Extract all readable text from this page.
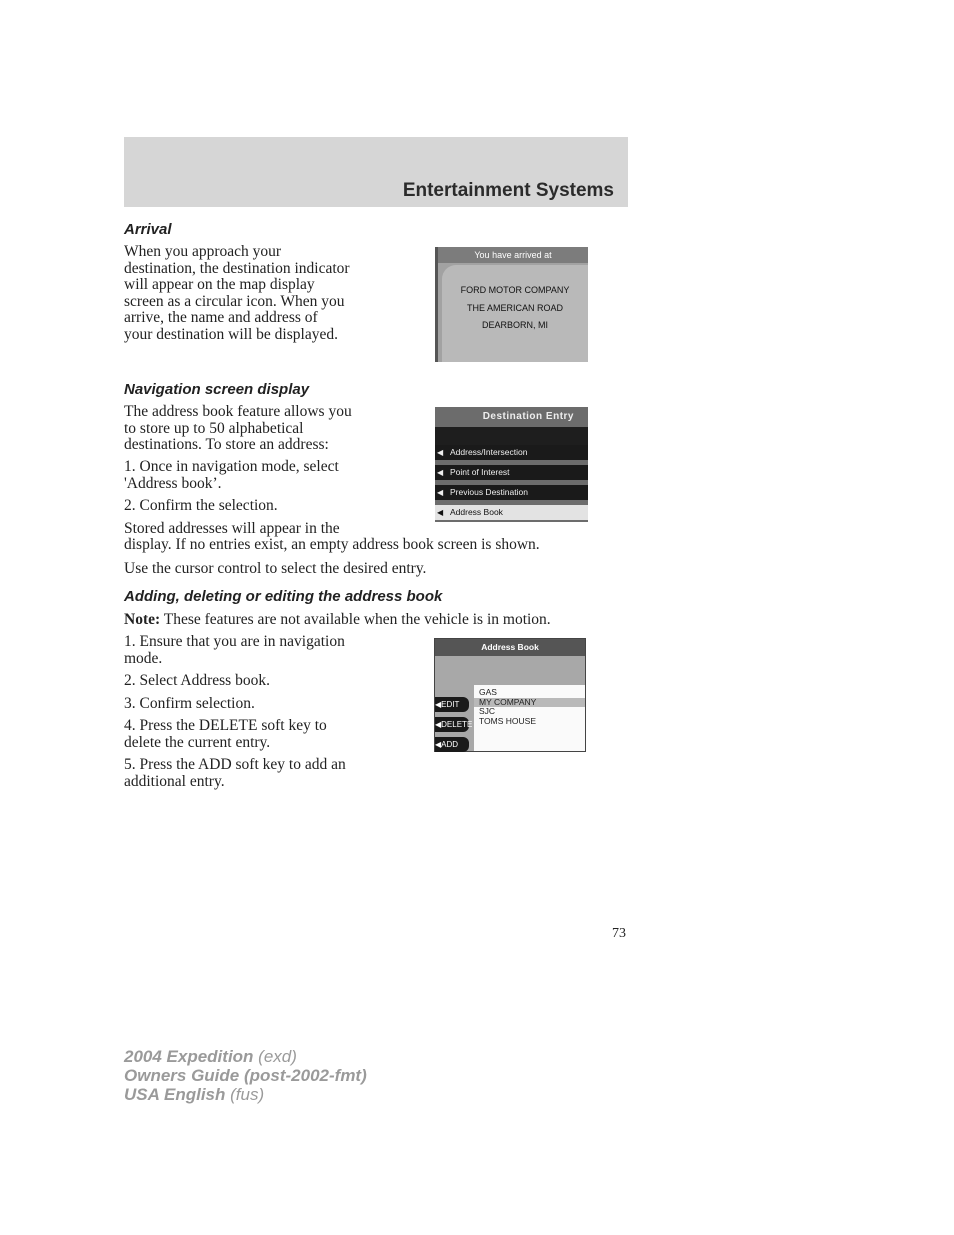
Entertainment Systems
Arrival

When you approach your

destination, the destination indicator

will appear on the map display

screen as a circular icon. When you

arrive, the name and address of

your destination will be displayed.

You have arrived at
FORD MOTOR COMPANY
THE AMERICAN ROAD
DEARBORN, MI
Navigation screen display

The address book feature allows you

to store up to 50 alphabetical

destinations. To store an address:

1. Once in navigation mode, select

'Address book’.

2. Confirm the selection.
Stored addresses will appear in the
display. If no entries exist, an empty address book screen is shown.
Use the cursor control to select the desired entry.
Destination Entry
◀ Address/Intersection
◀ Point of Interest
◀ Previous Destination
◀ Address Book
Adding, deleting or editing the address book
Note: These features are not available when the vehicle is in motion.

1. Ensure that you are in navigation

mode.

2. Select Address book.
3. Confirm selection.

4. Press the DELETE soft key to

delete the current entry.

5. Press the ADD soft key to add an

additional entry.

Address Book
GAS
MY COMPANY
SJC
TOMS HOUSE
◀EDIT
◀DELETE
◀ADD
73
2004 Expedition (exd)
Owners Guide (post-2002-fmt)
USA English (fus)
